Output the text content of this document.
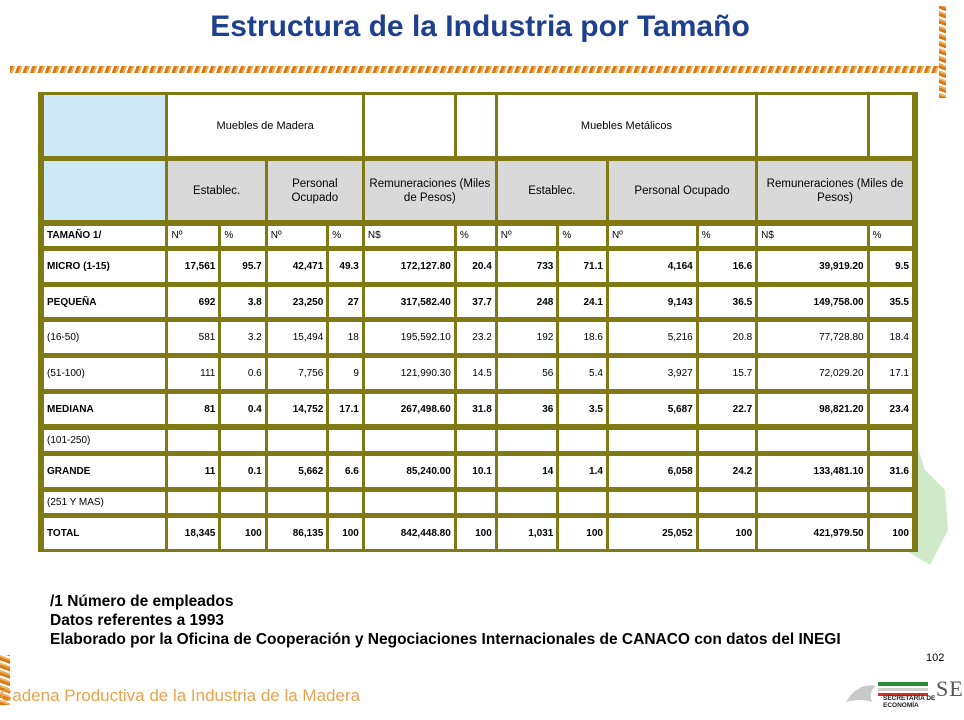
Estructura de la Industria por Tamaño
	Muebles de Madera						Muebles Metálicos					

	Establec.		Personal Ocupado		Remuneraciones (Miles de Pesos)		Establec.		Personal Ocupado		Remuneraciones (Miles de Pesos)	

TAMAÑO 1/	Nº	%	Nº	%	N$	%	Nº	%	Nº	%	N$	%

MICRO (1-15)	17,561	95.7	42,471	49.3	172,127.80	20.4	733	71.1	4,164	16.6	39,919.20	9.5

PEQUEÑA	692	3.8	23,250	27	317,582.40	37.7	248	24.1	9,143	36.5	149,758.00	35.5

(16-50)	581	3.2	15,494	18	195,592.10	23.2	192	18.6	5,216	20.8	77,728.80	18.4

(51-100)	111	0.6	7,756	9	121,990.30	14.5	56	5.4	3,927	15.7	72,029.20	17.1

MEDIANA	81	0.4	14,752	17.1	267,498.60	31.8	36	3.5	5,687	22.7	98,821.20	23.4

(101-250)												

GRANDE	11	0.1	5,662	6.6	85,240.00	10.1	14	1.4	6,058	24.2	133,481.10	31.6

(251 Y MAS)												

TOTAL	18,345	100	86,135	100	842,448.80	100	1,031	100	25,052	100	421,979.50	100
/1 Número de empleados
Datos referentes a 1993
Elaborado por la Oficina de Cooperación y Negociaciones Internacionales de CANACO con datos del INEGI
102
Cadena Productiva de la Industria de la Madera	SECRETARÍA DE ECONOMÍA
SE
